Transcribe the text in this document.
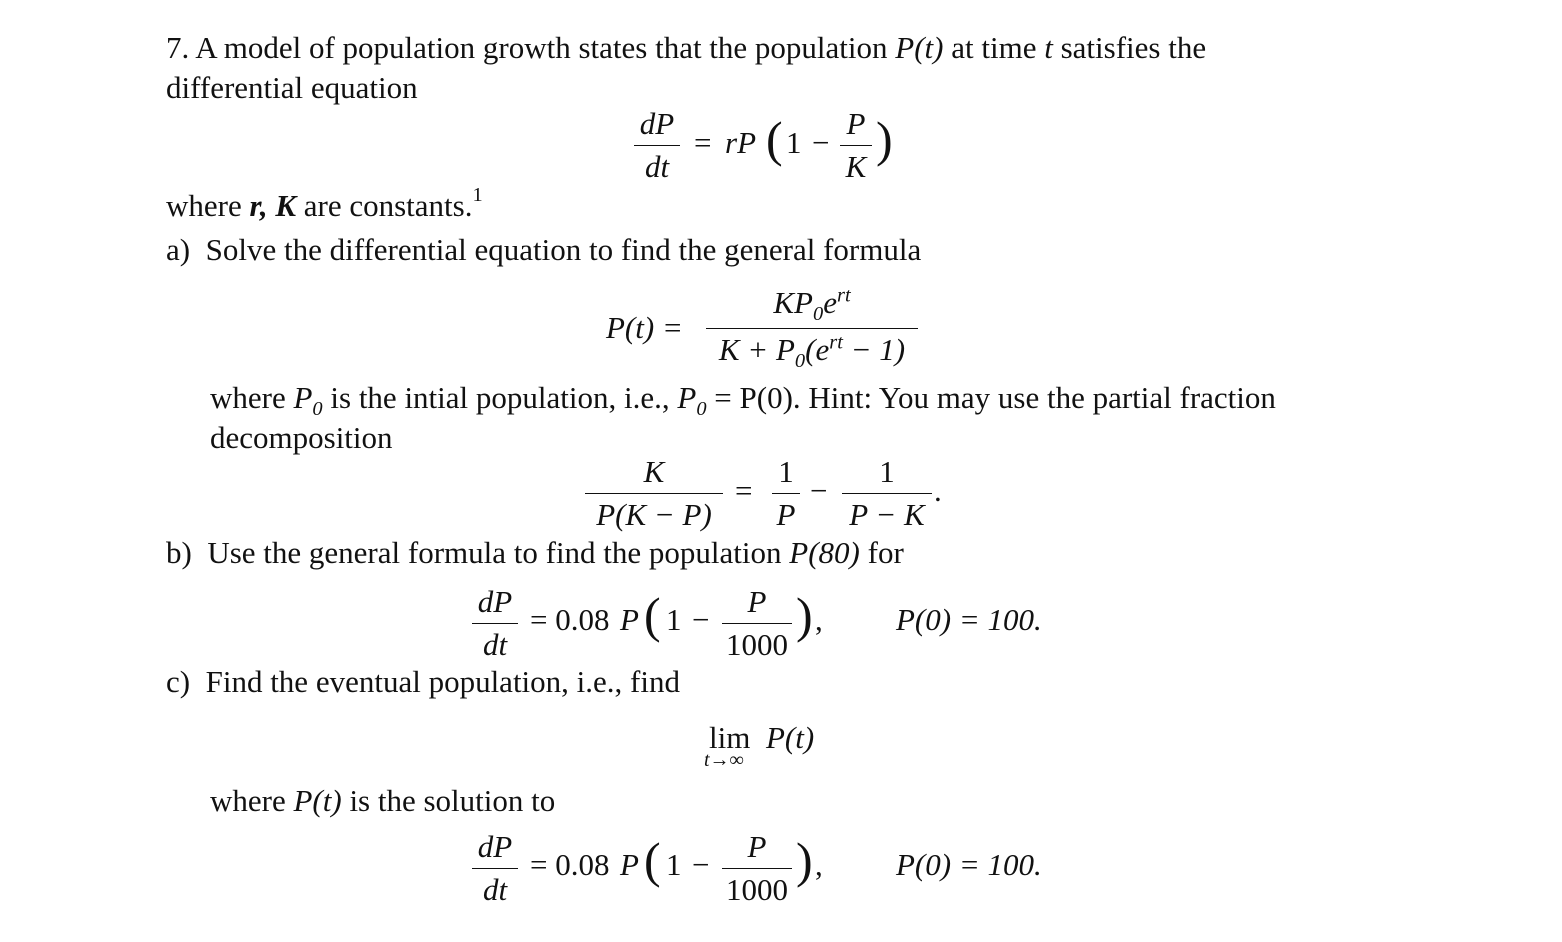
7. A model of population growth states that the population P(t) at time t satisfies the
differential equation
dP
dt
= rP ( 1 −
P
K )
where r, K are constants.$^1$
a) Solve the differential equation to find the general formula
P(t) =
$KP_0e^{rt}$
$K + P_0(e^{rt} - 1)$
where $P_0$ is the intial population, i.e., $P_0 = P(0)$. Hint: You may use the partial fraction
decomposition
K
P(K − P)
=
1
P
−
1
P − K
.
b) Use the general formula to find the population P(80) for
dP
dt
= 0.08 P ( 1 −
P
1000
) , P(0) = 100.
c) Find the eventual population, i.e., find
lim P(t)
t→∞
where P(t) is the solution to
dP
dt
= 0.08 P ( 1 −
P
1000
) , P(0) = 100.
